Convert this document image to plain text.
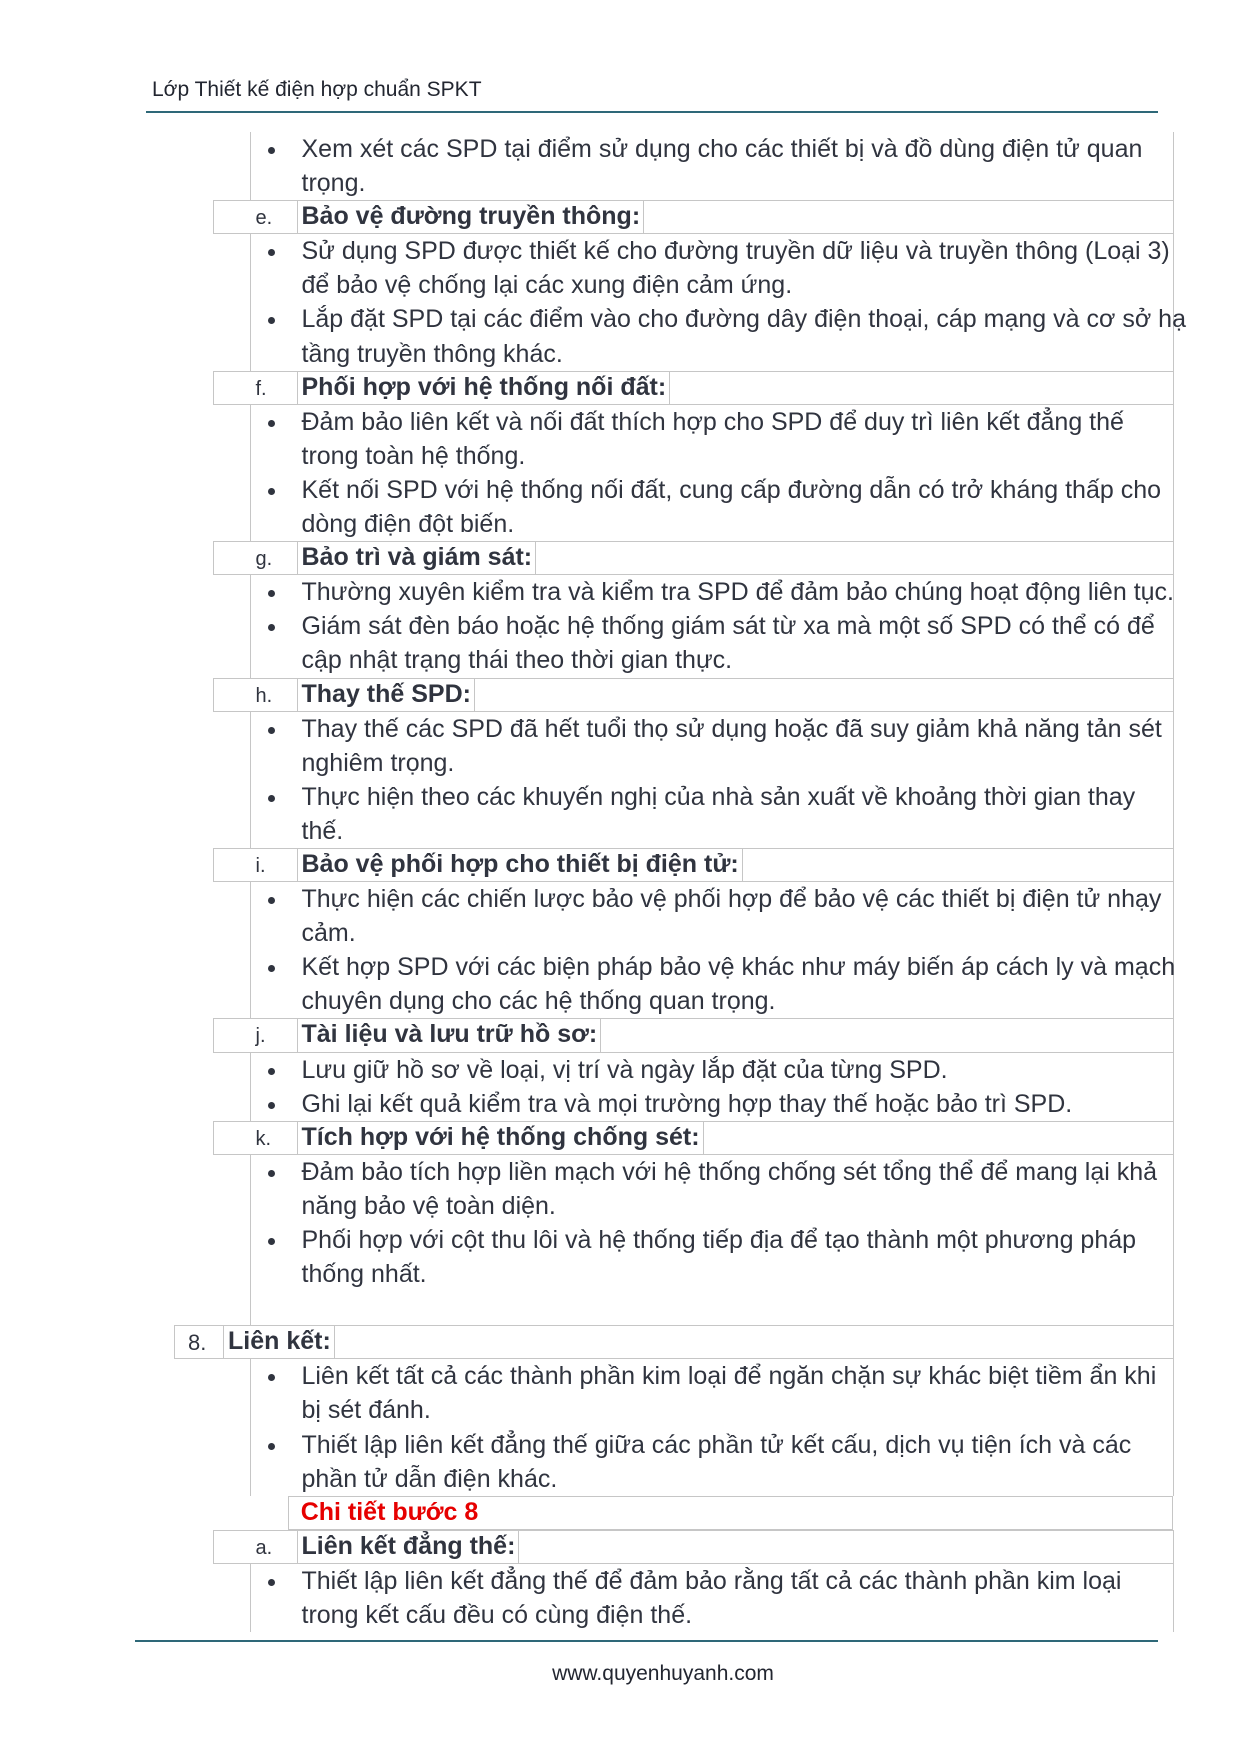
Lớp Thiết kế điện hợp chuẩn SPKT
Xem xét các SPD tại điểm sử dụng cho các thiết bị và đồ dùng điện tử quan
trọng.
e. Bảo vệ đường truyền thông:
Sử dụng SPD được thiết kế cho đường truyền dữ liệu và truyền thông (Loại 3)
để bảo vệ chống lại các xung điện cảm ứng.
Lắp đặt SPD tại các điểm vào cho đường dây điện thoại, cáp mạng và cơ sở hạ
tầng truyền thông khác.
f. Phối hợp với hệ thống nối đất:
Đảm bảo liên kết và nối đất thích hợp cho SPD để duy trì liên kết đẳng thế
trong toàn hệ thống.
Kết nối SPD với hệ thống nối đất, cung cấp đường dẫn có trở kháng thấp cho
dòng điện đột biến.
g. Bảo trì và giám sát:
Thường xuyên kiểm tra và kiểm tra SPD để đảm bảo chúng hoạt động liên tục.
Giám sát đèn báo hoặc hệ thống giám sát từ xa mà một số SPD có thể có để
cập nhật trạng thái theo thời gian thực.
h. Thay thế SPD:
Thay thế các SPD đã hết tuổi thọ sử dụng hoặc đã suy giảm khả năng tản sét
nghiêm trọng.
Thực hiện theo các khuyến nghị của nhà sản xuất về khoảng thời gian thay
thế.
i. Bảo vệ phối hợp cho thiết bị điện tử:
Thực hiện các chiến lược bảo vệ phối hợp để bảo vệ các thiết bị điện tử nhạy
cảm.
Kết hợp SPD với các biện pháp bảo vệ khác như máy biến áp cách ly và mạch
chuyên dụng cho các hệ thống quan trọng.
j. Tài liệu và lưu trữ hồ sơ:
Lưu giữ hồ sơ về loại, vị trí và ngày lắp đặt của từng SPD.
Ghi lại kết quả kiểm tra và mọi trường hợp thay thế hoặc bảo trì SPD.
k. Tích hợp với hệ thống chống sét:
Đảm bảo tích hợp liền mạch với hệ thống chống sét tổng thể để mang lại khả
năng bảo vệ toàn diện.
Phối hợp với cột thu lôi và hệ thống tiếp địa để tạo thành một phương pháp
thống nhất.
8. Liên kết:
Liên kết tất cả các thành phần kim loại để ngăn chặn sự khác biệt tiềm ẩn khi
bị sét đánh.
Thiết lập liên kết đẳng thế giữa các phần tử kết cấu, dịch vụ tiện ích và các
phần tử dẫn điện khác.
Chi tiết bước 8
a. Liên kết đẳng thế:
Thiết lập liên kết đẳng thế để đảm bảo rằng tất cả các thành phần kim loại
trong kết cấu đều có cùng điện thế.
www.quyenhuyanh.com
